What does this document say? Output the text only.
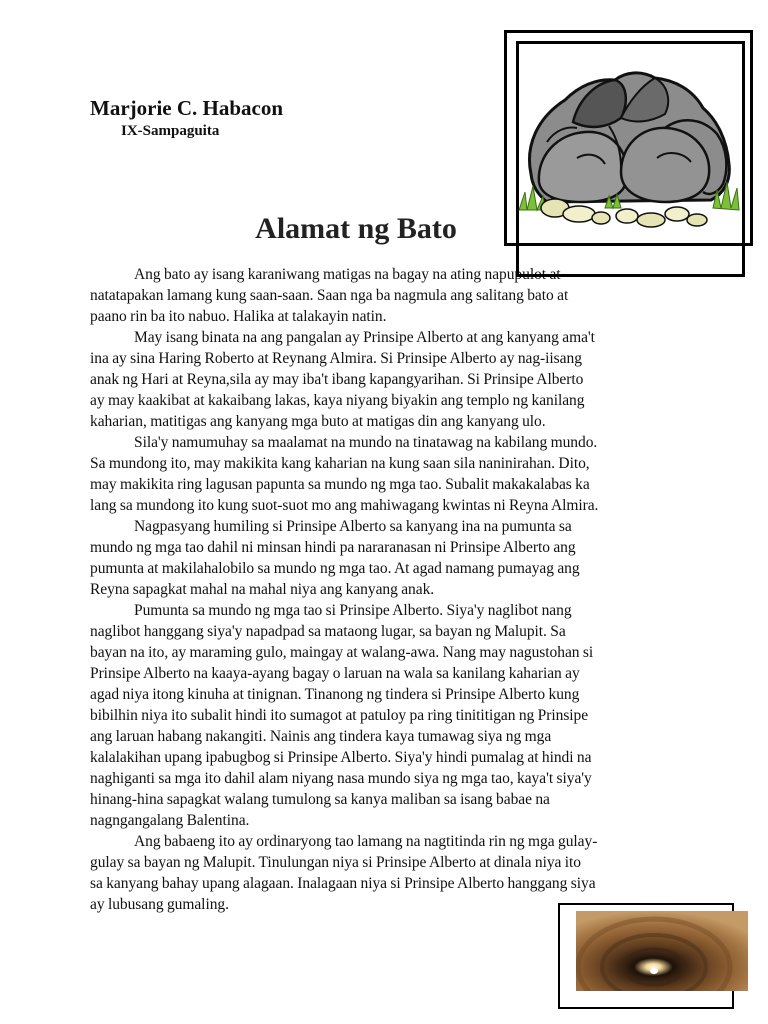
Marjorie C. Habacon
IX-Sampaguita
Alamat ng Bato

Ang bato ay isang karaniwang matigas na bagay na ating napupulot at
natatapakan lamang kung saan-saan. Saan nga ba nagmula ang salitang bato at
paano rin ba ito nabuo. Halika at talakayin natin.

May isang binata na ang pangalan ay Prinsipe Alberto at ang kanyang ama't
ina ay sina Haring Roberto at Reynang Almira. Si Prinsipe Alberto ay nag-iisang
anak ng Hari at Reyna,sila ay may iba't ibang kapangyarihan. Si Prinsipe Alberto
ay may kaakibat at kakaibang lakas, kaya niyang biyakin ang templo ng kanilang
kaharian, matitigas ang kanyang mga buto at matigas din ang kanyang ulo.

Sila'y namumuhay sa maalamat na mundo na tinatawag na kabilang mundo.
Sa mundong ito, may makikita kang kaharian na kung saan sila naninirahan. Dito,
may makikita ring lagusan papunta sa mundo ng mga tao. Subalit makakalabas ka
lang sa mundong ito kung suot-suot mo ang mahiwagang kwintas ni Reyna Almira.

Nagpasyang humiling si Prinsipe Alberto sa kanyang ina na pumunta sa
mundo ng mga tao dahil ni minsan hindi pa nararanasan ni Prinsipe Alberto ang
pumunta at makilahalobilo sa mundo ng mga tao. At agad namang pumayag ang
Reyna sapagkat mahal na mahal niya ang kanyang anak.

Pumunta sa mundo ng mga tao si Prinsipe Alberto. Siya'y naglibot nang
naglibot hanggang siya'y napadpad sa mataong lugar, sa bayan ng Malupit. Sa
bayan na ito, ay maraming gulo, maingay at walang-awa. Nang may nagustohan si
Prinsipe Alberto na kaaya-ayang bagay o laruan na wala sa kanilang kaharian ay
agad niya itong kinuha at tinignan. Tinanong ng tindera si Prinsipe Alberto kung
bibilhin niya ito subalit hindi ito sumagot at patuloy pa ring tinititigan ng Prinsipe
ang laruan habang nakangiti. Nainis ang tindera kaya tumawag siya ng mga
kalalakihan upang ipabugbog si Prinsipe Alberto. Siya'y hindi pumalag at hindi na
naghiganti sa mga ito dahil alam niyang nasa mundo siya ng mga tao, kaya't siya'y
hinang-hina sapagkat walang tumulong sa kanya maliban sa isang babae na
nagngangalang Balentina.

Ang babaeng ito ay ordinaryong tao lamang na nagtitinda rin ng mga gulay-
gulay sa bayan ng Malupit. Tinulungan niya si Prinsipe Alberto at dinala niya ito
sa kanyang bahay upang alagaan. Inalagaan niya si Prinsipe Alberto hanggang siya
ay lubusang gumaling.
